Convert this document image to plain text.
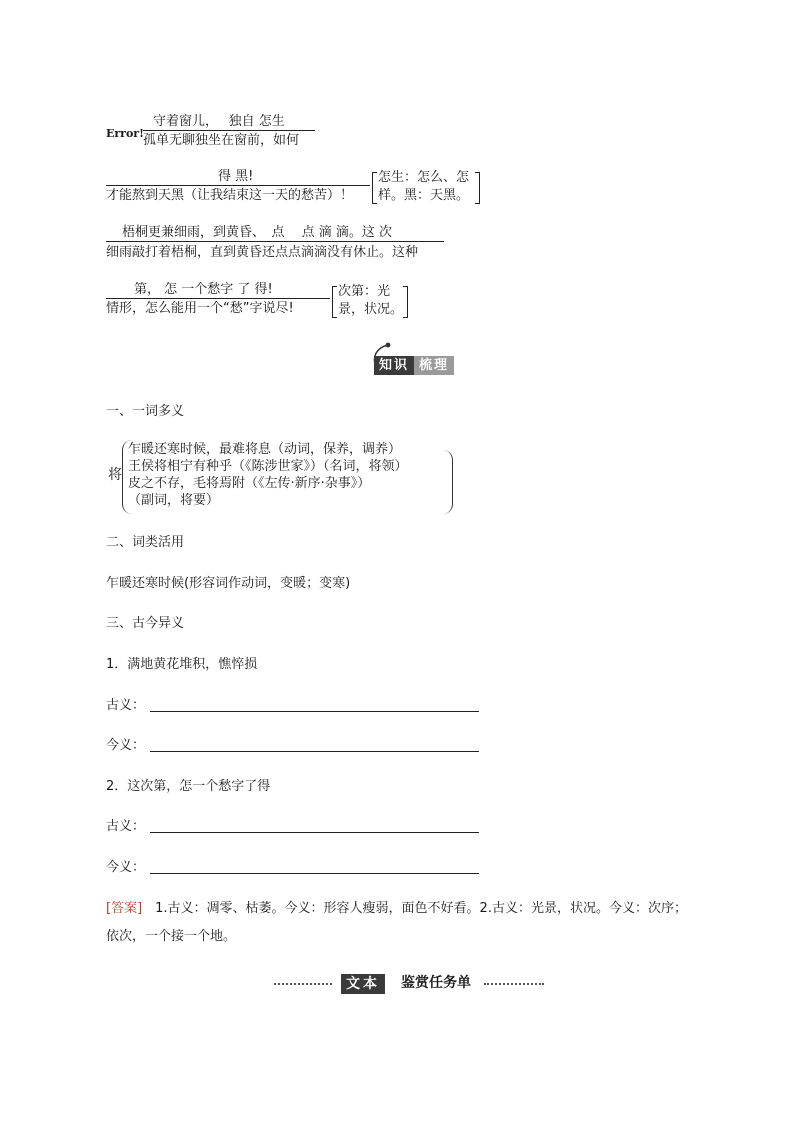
Error!
守着窗儿，　 独自 怎生
孤单无聊独坐在窗前，如何
得 黑!
才能熬到天黑（让我结束这一天的愁苦）！
怎生：怎么、怎
样。黑：天黑。
梧桐更兼细雨，到黄昏、　点　 点 滴 滴。这 次
细雨敲打着梧桐，直到黄昏还点点滴滴没有休止。这种
第， 怎 一个愁字 了 得!
情形，怎么能用一个“愁”字说尽!
次第：光
景，状况。
知识 梳理
一、一词多义
将
乍暖还寒时候，最难将息（动词，保养，调养）
王侯将相宁有种乎（《陈涉世家》）（名词，将领）
皮之不存，毛将焉附（《左传·新序·杂事》）
（副词，将要）
二、词类活用
乍暖还寒时候(形容词作动词，变暖；变寒)
三、古今异义
1．满地黄花堆积，憔悴损
古义：
今义：
2．这次第，怎一个愁字了得
古义：
今义：
[答案]　1.古义：凋零、枯萎。今义：形容人瘦弱，面色不好看。2.古义：光景，状况。今义：次序；
依次，一个接一个地。
文本	鉴赏任务单
